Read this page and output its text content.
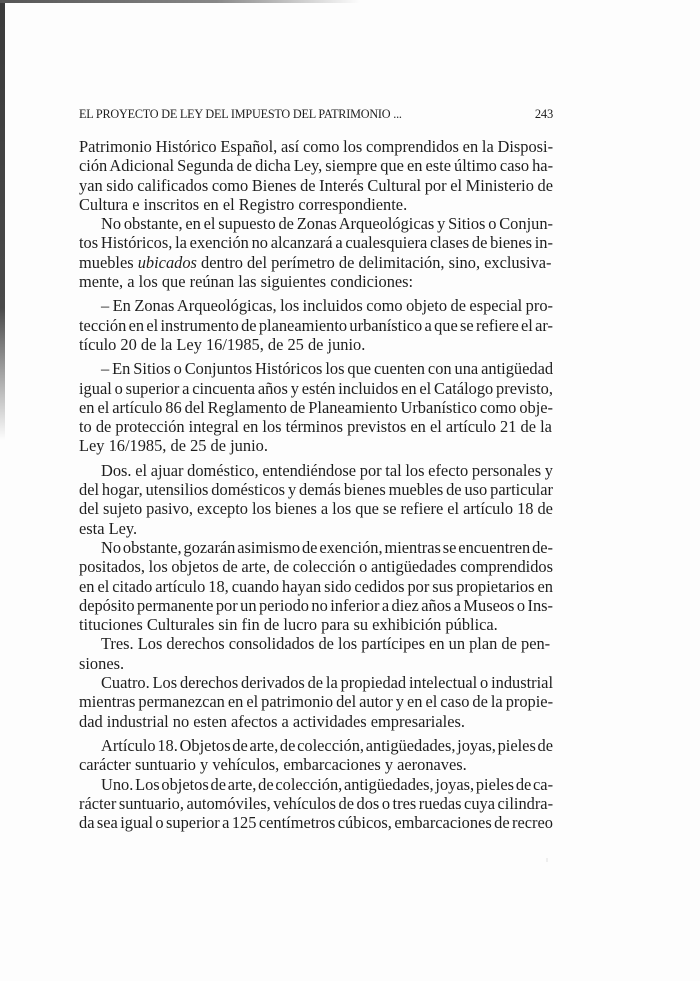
EL PROYECTO DE LEY DEL IMPUESTO DEL PATRIMONIO ...	243
Patrimonio Histórico Español, así como los comprendidos en la Disposi-
ción Adicional Segunda de dicha Ley, siempre que en este último caso ha-
yan sido calificados como Bienes de Interés Cultural por el Ministerio de
Cultura e inscritos en el Registro correspondiente.
No obstante, en el supuesto de Zonas Arqueológicas y Sitios o Conjun-
tos Históricos, la exención no alcanzará a cualesquiera clases de bienes in-
muebles ubicados dentro del perímetro de delimitación, sino, exclusiva-
mente, a los que reúnan las siguientes condiciones:
– En Zonas Arqueológicas, los incluidos como objeto de especial pro-
tección en el instrumento de planeamiento urbanístico a que se refiere el ar-
tículo 20 de la Ley 16/1985, de 25 de junio.
– En Sitios o Conjuntos Históricos los que cuenten con una antigüedad
igual o superior a cincuenta años y estén incluidos en el Catálogo previsto,
en el artículo 86 del Reglamento de Planeamiento Urbanístico como obje-
to de protección integral en los términos previstos en el artículo 21 de la
Ley 16/1985, de 25 de junio.
Dos. el ajuar doméstico, entendiéndose por tal los efecto personales y
del hogar, utensilios domésticos y demás bienes muebles de uso particular
del sujeto pasivo, excepto los bienes a los que se refiere el artículo 18 de
esta Ley.
No obstante, gozarán asimismo de exención, mientras se encuentren de-
positados, los objetos de arte, de colección o antigüedades comprendidos
en el citado artículo 18, cuando hayan sido cedidos por sus propietarios en
depósito permanente por un periodo no inferior a diez años a Museos o Ins-
tituciones Culturales sin fin de lucro para su exhibición pública.
Tres. Los derechos consolidados de los partícipes en un plan de pen-
siones.
Cuatro. Los derechos derivados de la propiedad intelectual o industrial
mientras permanezcan en el patrimonio del autor y en el caso de la propie-
dad industrial no esten afectos a actividades empresariales.
Artículo 18. Objetos de arte, de colección, antigüedades, joyas, pieles de
carácter suntuario y vehículos, embarcaciones y aeronaves.
Uno. Los objetos de arte, de colección, antigüedades, joyas, pieles de ca-
rácter suntuario, automóviles, vehículos de dos o tres ruedas cuya cilindra-
da sea igual o superior a 125 centímetros cúbicos, embarcaciones de recreo
